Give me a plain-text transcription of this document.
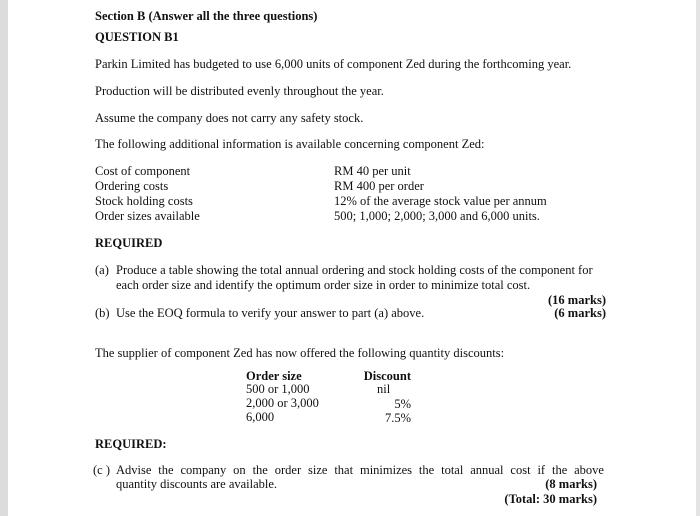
Section B (Answer all the three questions)
QUESTION B1
Parkin Limited has budgeted to use 6,000 units of component Zed during the forthcoming year.
Production will be distributed evenly throughout the year.
Assume the company does not carry any safety stock.
The following additional information is available concerning component Zed:
Cost of component	RM 40 per unit
Ordering costs	RM 400 per order
Stock holding costs	12% of the average stock value per annum
Order sizes available	500; 1,000; 2,000; 3,000 and 6,000 units.
REQUIRED
(a) Produce a table showing the total annual ordering and stock holding costs of the component for
each order size and identify the optimum order size in order to minimize total cost.
(16 marks)
(b) Use the EOQ formula to verify your answer to part (a) above.	(6 marks)
The supplier of component Zed has now offered the following quantity discounts:
Order size	Discount
500 or 1,000	nil
2,000 or 3,000	5%
6,000	7.5%
REQUIRED:
(c ) Advise the company on the order size that minimizes the total annual cost if the above
quantity discounts are available.	(8 marks)
(Total: 30 marks)
